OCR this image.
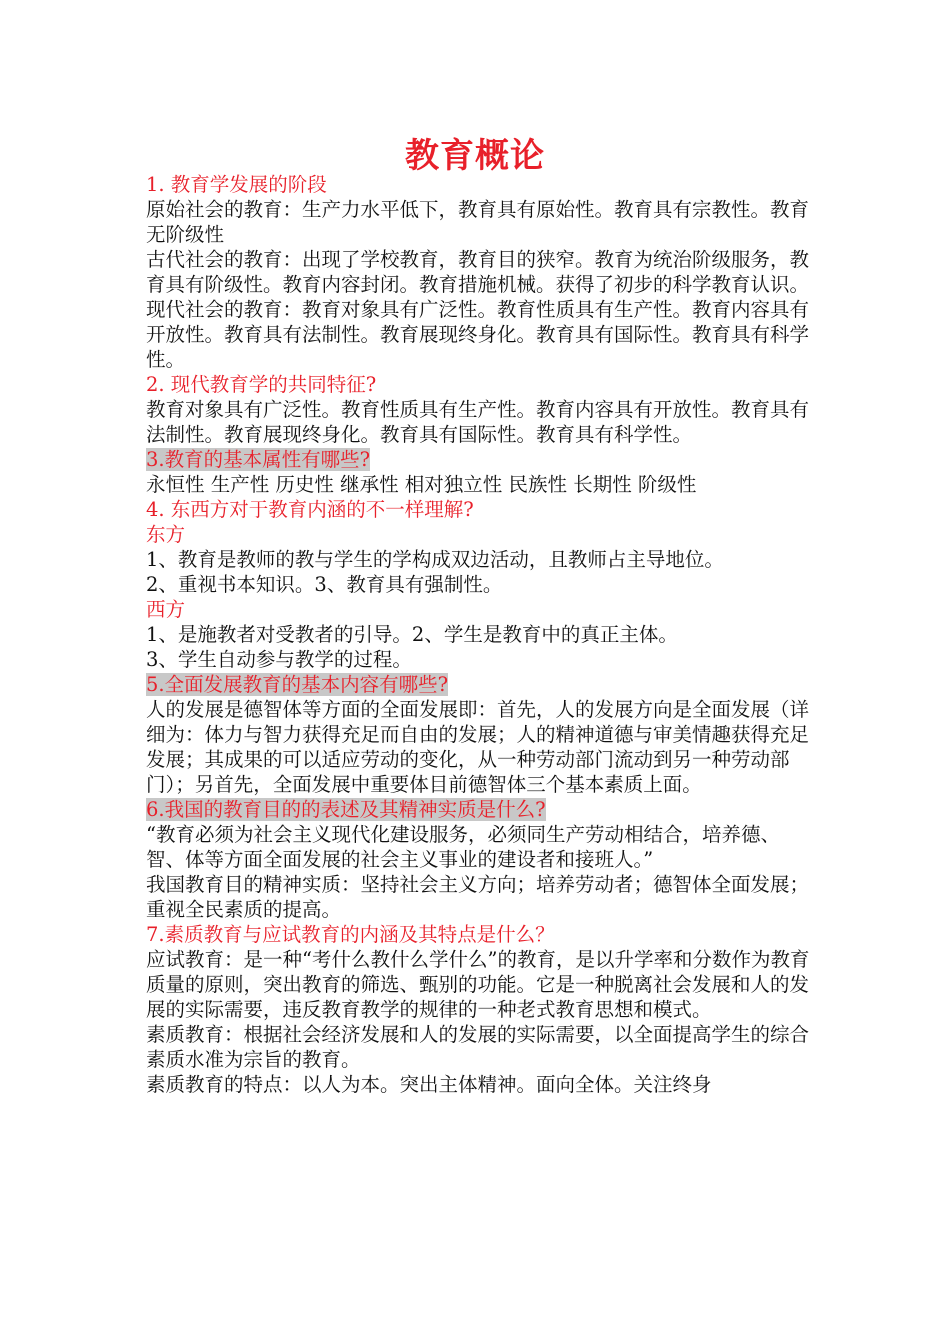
教育概论

1. 教育学发展的阶段

原始社会的教育：生产力水平低下，教育具有原始性。教育具有宗教性。教育无阶级性

古代社会的教育：出现了学校教育，教育目的狭窄。教育为统治阶级服务，教育具有阶级性。教育内容封闭。教育措施机械。获得了初步的科学教育认识。

现代社会的教育：教育对象具有广泛性。教育性质具有生产性。教育内容具有开放性。教育具有法制性。教育展现终身化。教育具有国际性。教育具有科学性。

2. 现代教育学的共同特征?

教育对象具有广泛性。教育性质具有生产性。教育内容具有开放性。教育具有法制性。教育展现终身化。教育具有国际性。教育具有科学性。

3.教育的基本属性有哪些?

永恒性 生产性 历史性 继承性 相对独立性 民族性 长期性 阶级性

4. 东西方对于教育内涵的不一样理解?

东方

1、教育是教师的教与学生的学构成双边活动，且教师占主导地位。

2、重视书本知识。3、教育具有强制性。

西方

1、是施教者对受教者的引导。2、学生是教育中的真正主体。

3、学生自动参与教学的过程。

5.全面发展教育的基本内容有哪些?

人的发展是德智体等方面的全面发展即：首先，人的发展方向是全面发展（详细为：体力与智力获得充足而自由的发展；人的精神道德与审美情趣获得充足发展；其成果的可以适应劳动的变化，从一种劳动部门流动到另一种劳动部门）；另首先，全面发展中重要体目前德智体三个基本素质上面。

6.我国的教育目的的表述及其精神实质是什么?

“教育必须为社会主义现代化建设服务，必须同生产劳动相结合，培养德、智、体等方面全面发展的社会主义事业的建设者和接班人。”

我国教育目的精神实质：坚持社会主义方向；培养劳动者；德智体全面发展；重视全民素质的提高。

7.素质教育与应试教育的内涵及其特点是什么？

应试教育：是一种“考什么教什么学什么”的教育，是以升学率和分数作为教育质量的原则，突出教育的筛选、甄别的功能。它是一种脱离社会发展和人的发展的实际需要，违反教育教学的规律的一种老式教育思想和模式。

素质教育：根据社会经济发展和人的发展的实际需要，以全面提高学生的综合素质水准为宗旨的教育。

素质教育的特点：以人为本。突出主体精神。面向全体。关注终身
